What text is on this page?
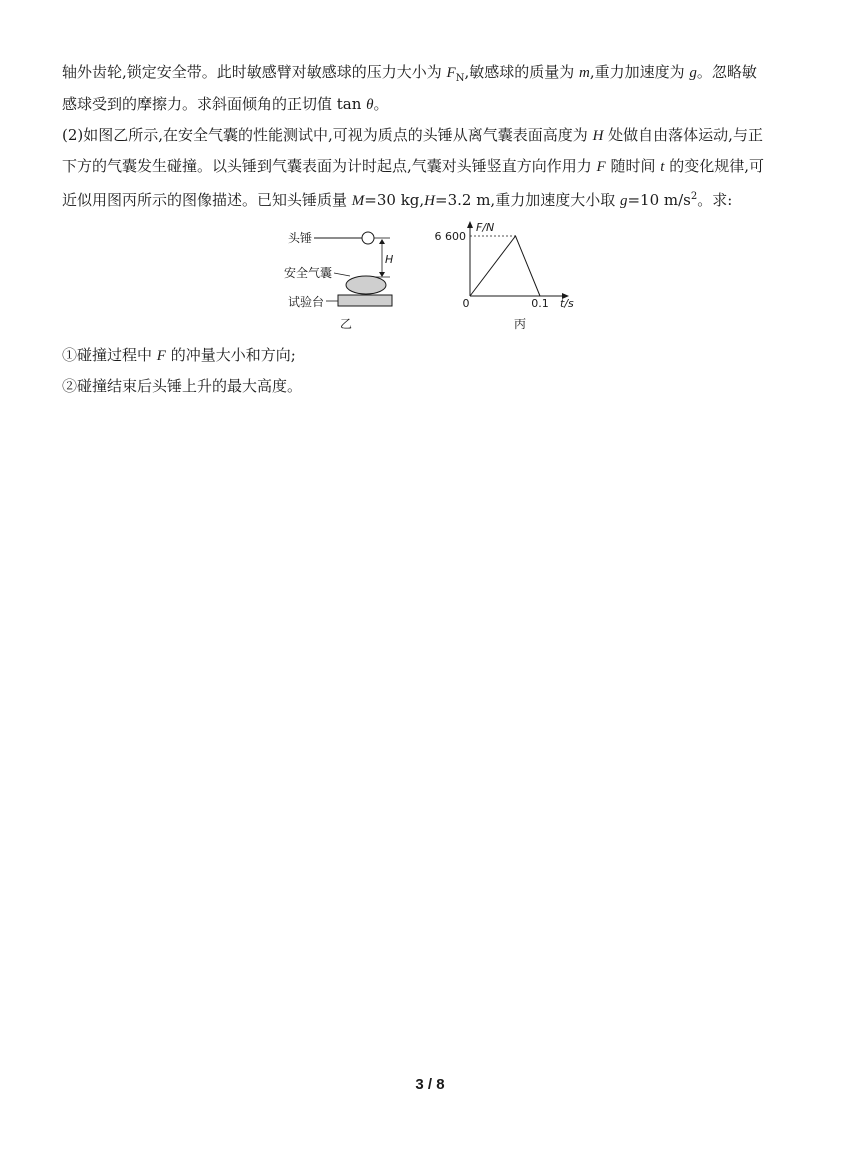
轴外齿轮,锁定安全带。此时敏感臂对敏感球的压力大小为 $F_N$,敏感球的质量为 m,重力加速度为 g。忽略敏
感球受到的摩擦力。求斜面倾角的正切值 tan θ。
(2)如图乙所示,在安全气囊的性能测试中,可视为质点的头锤从离气囊表面高度为 H 处做自由落体运动,与正
下方的气囊发生碰撞。以头锤到气囊表面为计时起点,气囊对头锤竖直方向作用力 F 随时间 t 的变化规律,可
近似用图丙所示的图像描述。已知头锤质量 M=30 kg,H=3.2 m,重力加速度大小取 g=10 $m/s^2$。求:
头锤
H
安全气囊
试验台
乙
F/N
t/s
6 600
0.1
0
丙
①碰撞过程中 F 的冲量大小和方向;
②碰撞结束后头锤上升的最大高度。
3 / 8
